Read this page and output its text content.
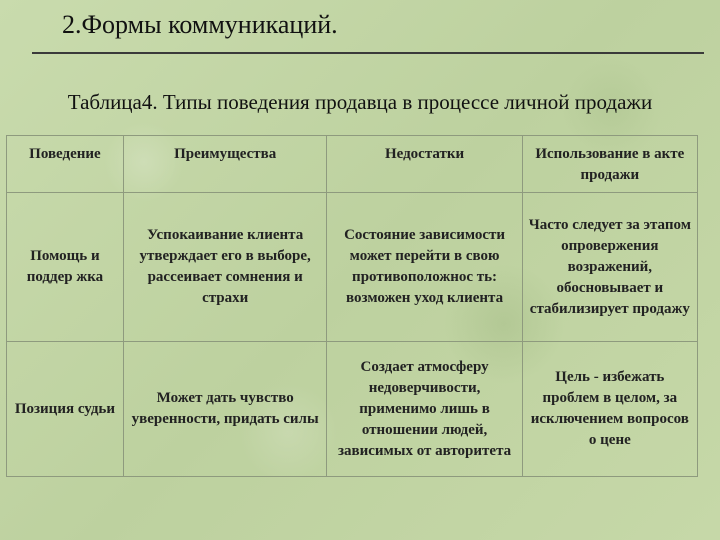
2.Формы коммуникаций.
Таблица4. Типы поведения продавца в процессе личной продажи
Поведение	Преимущества	Недостатки	Использование в акте продажи
Помощь и поддер жка	Успокаивание клиента утверждает его в выборе, рассеивает сомнения и страхи	Состояние зависимости может перейти в свою противоположнос ть: возможен уход клиента	Часто следует за этапом опровержения возражений, обосновывает и стабилизирует продажу
Позиция судьи	Может дать чувство уверенности, придать силы	Создает атмосферу недоверчивости, применимо лишь в отношении людей, зависимых от авторитета	Цель - избежать проблем в целом, за исключением вопросов о цене
